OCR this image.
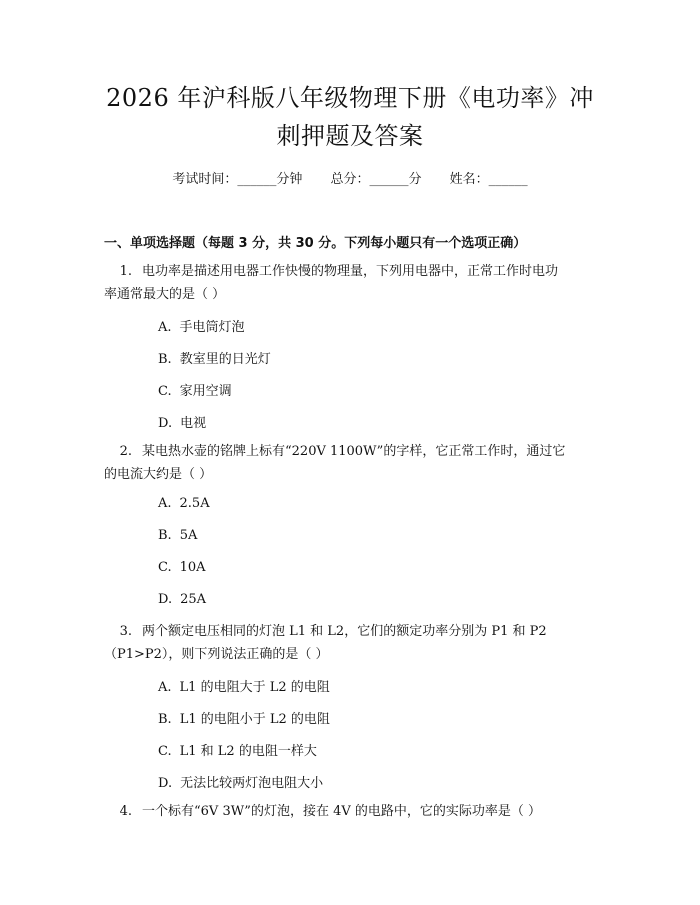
2026 年沪科版八年级物理下册《电功率》冲
刺押题及答案
考试时间：______分钟 总分：______分 姓名：______
一、单项选择题（每题 3 分，共 30 分。下列每小题只有一个选项正确）
1. 电功率是描述用电器工作快慢的物理量，下列用电器中，正常工作时电功
率通常最大的是（ ）
A. 手电筒灯泡
B. 教室里的日光灯
C. 家用空调
D. 电视
2. 某电热水壶的铭牌上标有“220V 1100W”的字样，它正常工作时，通过它
的电流大约是（ ）
A. 2.5A
B. 5A
C. 10A
D. 25A
3. 两个额定电压相同的灯泡 L1 和 L2，它们的额定功率分别为 P1 和 P2
（P1>P2），则下列说法正确的是（ ）
A. L1 的电阻大于 L2 的电阻
B. L1 的电阻小于 L2 的电阻
C. L1 和 L2 的电阻一样大
D. 无法比较两灯泡电阻大小
4. 一个标有“6V 3W”的灯泡，接在 4V 的电路中，它的实际功率是（ ）
